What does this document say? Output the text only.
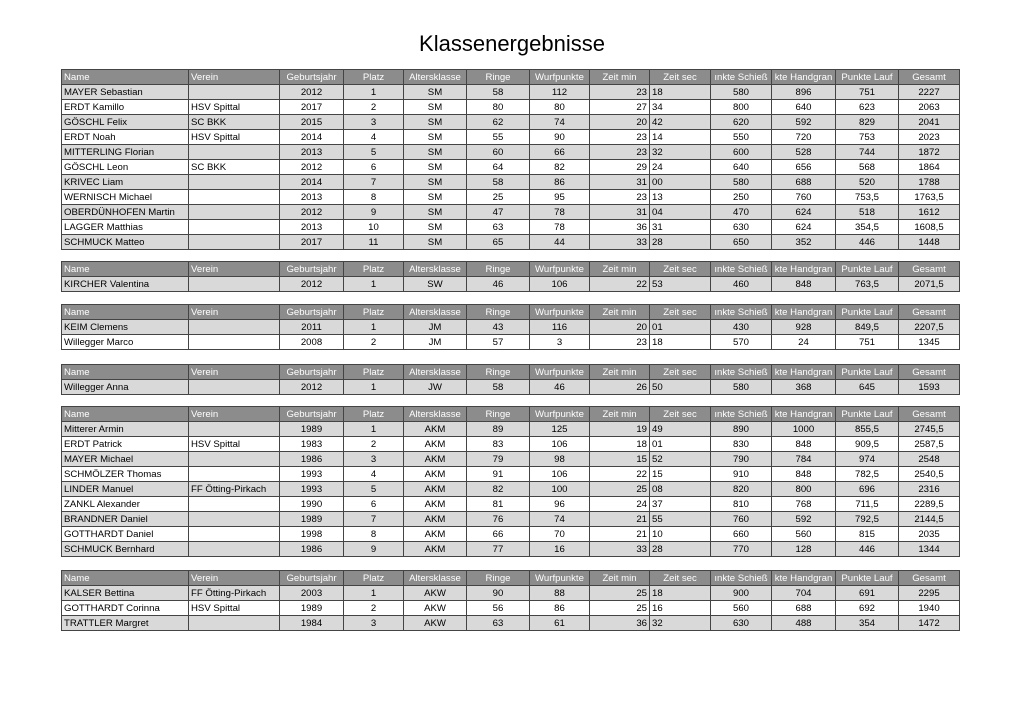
Klassenergebnisse
Name	Verein	Geburtsjahr	Platz	Altersklasse	Ringe	Wurfpunkte	Zeit min	Zeit sec	ınkte Schieß	kte Handgran	Punkte Lauf	Gesamt
MAYER Sebastian		2012	1	SM	58	112	23	18	580	896	751	2227
ERDT Kamillo	HSV Spittal	2017	2	SM	80	80	27	34	800	640	623	2063
GÖSCHL Felix	SC BKK	2015	3	SM	62	74	20	42	620	592	829	2041
ERDT Noah	HSV Spittal	2014	4	SM	55	90	23	14	550	720	753	2023
MITTERLING Florian		2013	5	SM	60	66	23	32	600	528	744	1872
GÖSCHL Leon	SC BKK	2012	6	SM	64	82	29	24	640	656	568	1864
KRIVEC Liam		2014	7	SM	58	86	31	00	580	688	520	1788
WERNISCH Michael		2013	8	SM	25	95	23	13	250	760	753,5	1763,5
OBERDÜNHOFEN Martin		2012	9	SM	47	78	31	04	470	624	518	1612
LAGGER Matthias		2013	10	SM	63	78	36	31	630	624	354,5	1608,5
SCHMUCK Matteo		2017	11	SM	65	44	33	28	650	352	446	1448
Name	Verein	Geburtsjahr	Platz	Altersklasse	Ringe	Wurfpunkte	Zeit min	Zeit sec	ınkte Schieß	kte Handgran	Punkte Lauf	Gesamt
KIRCHER Valentina		2012	1	SW	46	106	22	53	460	848	763,5	2071,5
Name	Verein	Geburtsjahr	Platz	Altersklasse	Ringe	Wurfpunkte	Zeit min	Zeit sec	ınkte Schieß	kte Handgran	Punkte Lauf	Gesamt
KEIM Clemens		2011	1	JM	43	116	20	01	430	928	849,5	2207,5
Willegger Marco		2008	2	JM	57	3	23	18	570	24	751	1345
Name	Verein	Geburtsjahr	Platz	Altersklasse	Ringe	Wurfpunkte	Zeit min	Zeit sec	ınkte Schieß	kte Handgran	Punkte Lauf	Gesamt
Willegger Anna		2012	1	JW	58	46	26	50	580	368	645	1593
Name	Verein	Geburtsjahr	Platz	Altersklasse	Ringe	Wurfpunkte	Zeit min	Zeit sec	ınkte Schieß	kte Handgran	Punkte Lauf	Gesamt
Mitterer Armin		1989	1	AKM	89	125	19	49	890	1000	855,5	2745,5
ERDT Patrick	HSV Spittal	1983	2	AKM	83	106	18	01	830	848	909,5	2587,5
MAYER Michael		1986	3	AKM	79	98	15	52	790	784	974	2548
SCHMÖLZER Thomas		1993	4	AKM	91	106	22	15	910	848	782,5	2540,5
LINDER Manuel	FF Ötting-Pirkach	1993	5	AKM	82	100	25	08	820	800	696	2316
ZANKL Alexander		1990	6	AKM	81	96	24	37	810	768	711,5	2289,5
BRANDNER Daniel		1989	7	AKM	76	74	21	55	760	592	792,5	2144,5
GOTTHARDT Daniel		1998	8	AKM	66	70	21	10	660	560	815	2035
SCHMUCK Bernhard		1986	9	AKM	77	16	33	28	770	128	446	1344
Name	Verein	Geburtsjahr	Platz	Altersklasse	Ringe	Wurfpunkte	Zeit min	Zeit sec	ınkte Schieß	kte Handgran	Punkte Lauf	Gesamt
KALSER Bettina	FF Ötting-Pirkach	2003	1	AKW	90	88	25	18	900	704	691	2295
GOTTHARDT Corinna	HSV Spittal	1989	2	AKW	56	86	25	16	560	688	692	1940
TRATTLER Margret		1984	3	AKW	63	61	36	32	630	488	354	1472
